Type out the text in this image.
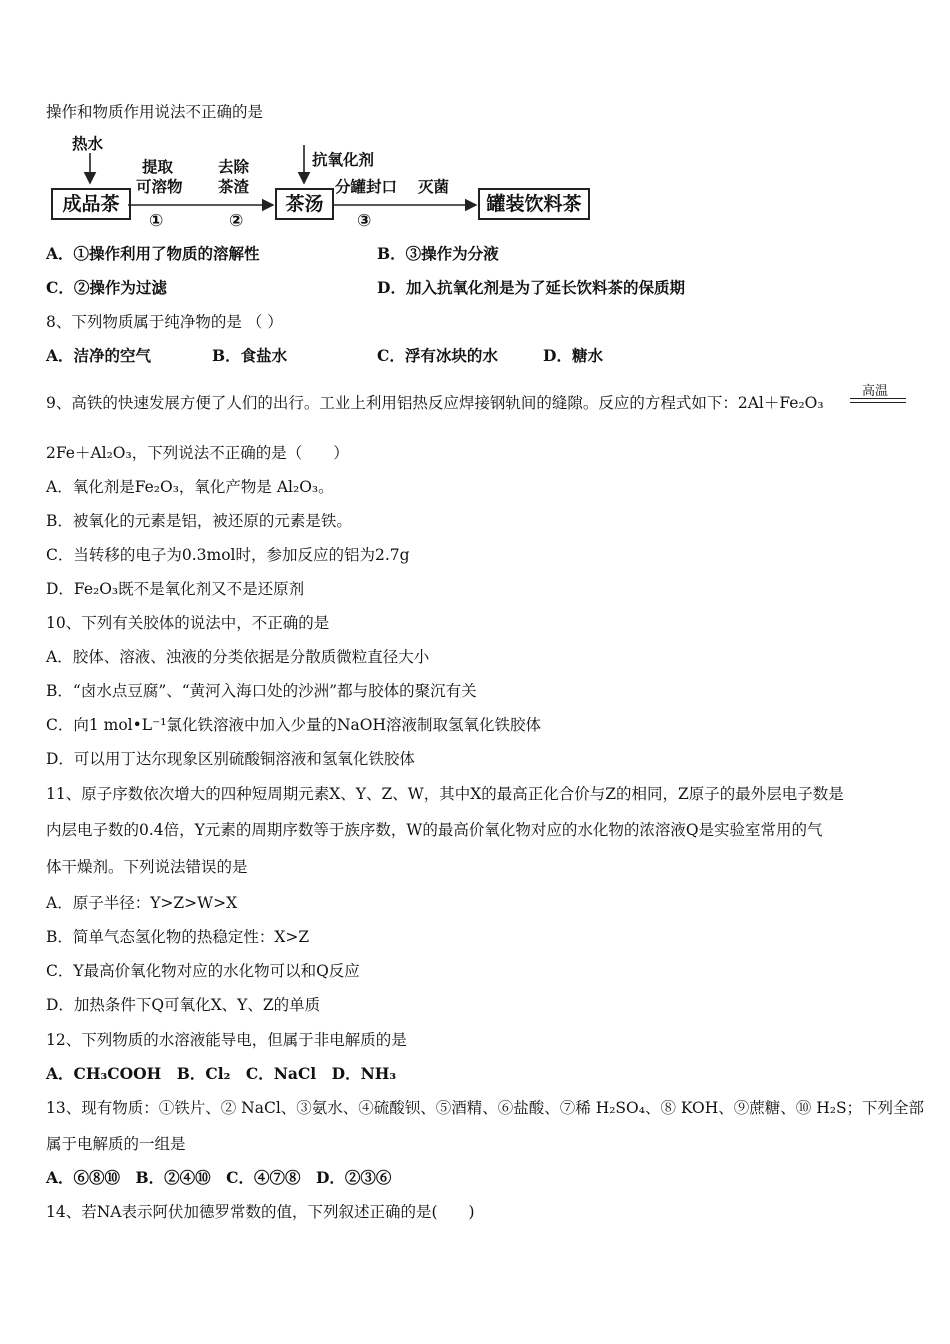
操作和物质作用说法不正确的是
成品茶	茶汤	罐装饮料茶
热水
提取
可溶物
①
去除
茶渣
②
抗氧化剂
分罐封口
③
灭菌
A．①操作利用了物质的溶解性	B．③操作为分液
C．②操作为过滤	D．加入抗氧化剂是为了延长饮料茶的保质期
8、下列物质属于纯净物的是 （ ）
A．洁净的空气	B．食盐水	C．浮有冰块的水	D．糖水
9、高铁的快速发展方便了人们的出行。工业上利用铝热反应焊接钢轨间的缝隙。反应的方程式如下：2Al＋Fe₂O₃
高温
2Fe＋Al₂O₃，下列说法不正确的是（　　）
A．氧化剂是Fe₂O₃，氧化产物是 Al₂O₃。
B．被氧化的元素是铝，被还原的元素是铁。
C．当转移的电子为0.3mol时，参加反应的铝为2.7g
D．Fe₂O₃既不是氧化剂又不是还原剂
10、下列有关胶体的说法中，不正确的是
A．胶体、溶液、浊液的分类依据是分散质微粒直径大小
B．“卤水点豆腐”、“黄河入海口处的沙洲”都与胶体的聚沉有关
C．向1 mol•L⁻¹氯化铁溶液中加入少量的NaOH溶液制取氢氧化铁胶体
D．可以用丁达尔现象区别硫酸铜溶液和氢氧化铁胶体
11、原子序数依次增大的四种短周期元素X、Y、Z、W，其中X的最高正化合价与Z的相同，Z原子的最外层电子数是
内层电子数的0.4倍，Y元素的周期序数等于族序数，W的最高价氧化物对应的水化物的浓溶液Q是实验室常用的气
体干燥剂。下列说法错误的是
A．原子半径：Y>Z>W>X
B．简单气态氢化物的热稳定性：X>Z
C．Y最高价氧化物对应的水化物可以和Q反应
D．加热条件下Q可氧化X、Y、Z的单质
12、下列物质的水溶液能导电，但属于非电解质的是
A．CH₃COOH　B．Cl₂　C．NaCl　D．NH₃
13、现有物质：①铁片、② NaCl、③氨水、④硫酸钡、⑤酒精、⑥盐酸、⑦稀 H₂SO₄、⑧ KOH、⑨蔗糖、⑩ H₂S；下列全部
属于电解质的一组是
A．⑥⑧⑩　B．②④⑩　C．④⑦⑧　D．②③⑥
14、若NA表示阿伏加德罗常数的值，下列叙述正确的是(　　)
